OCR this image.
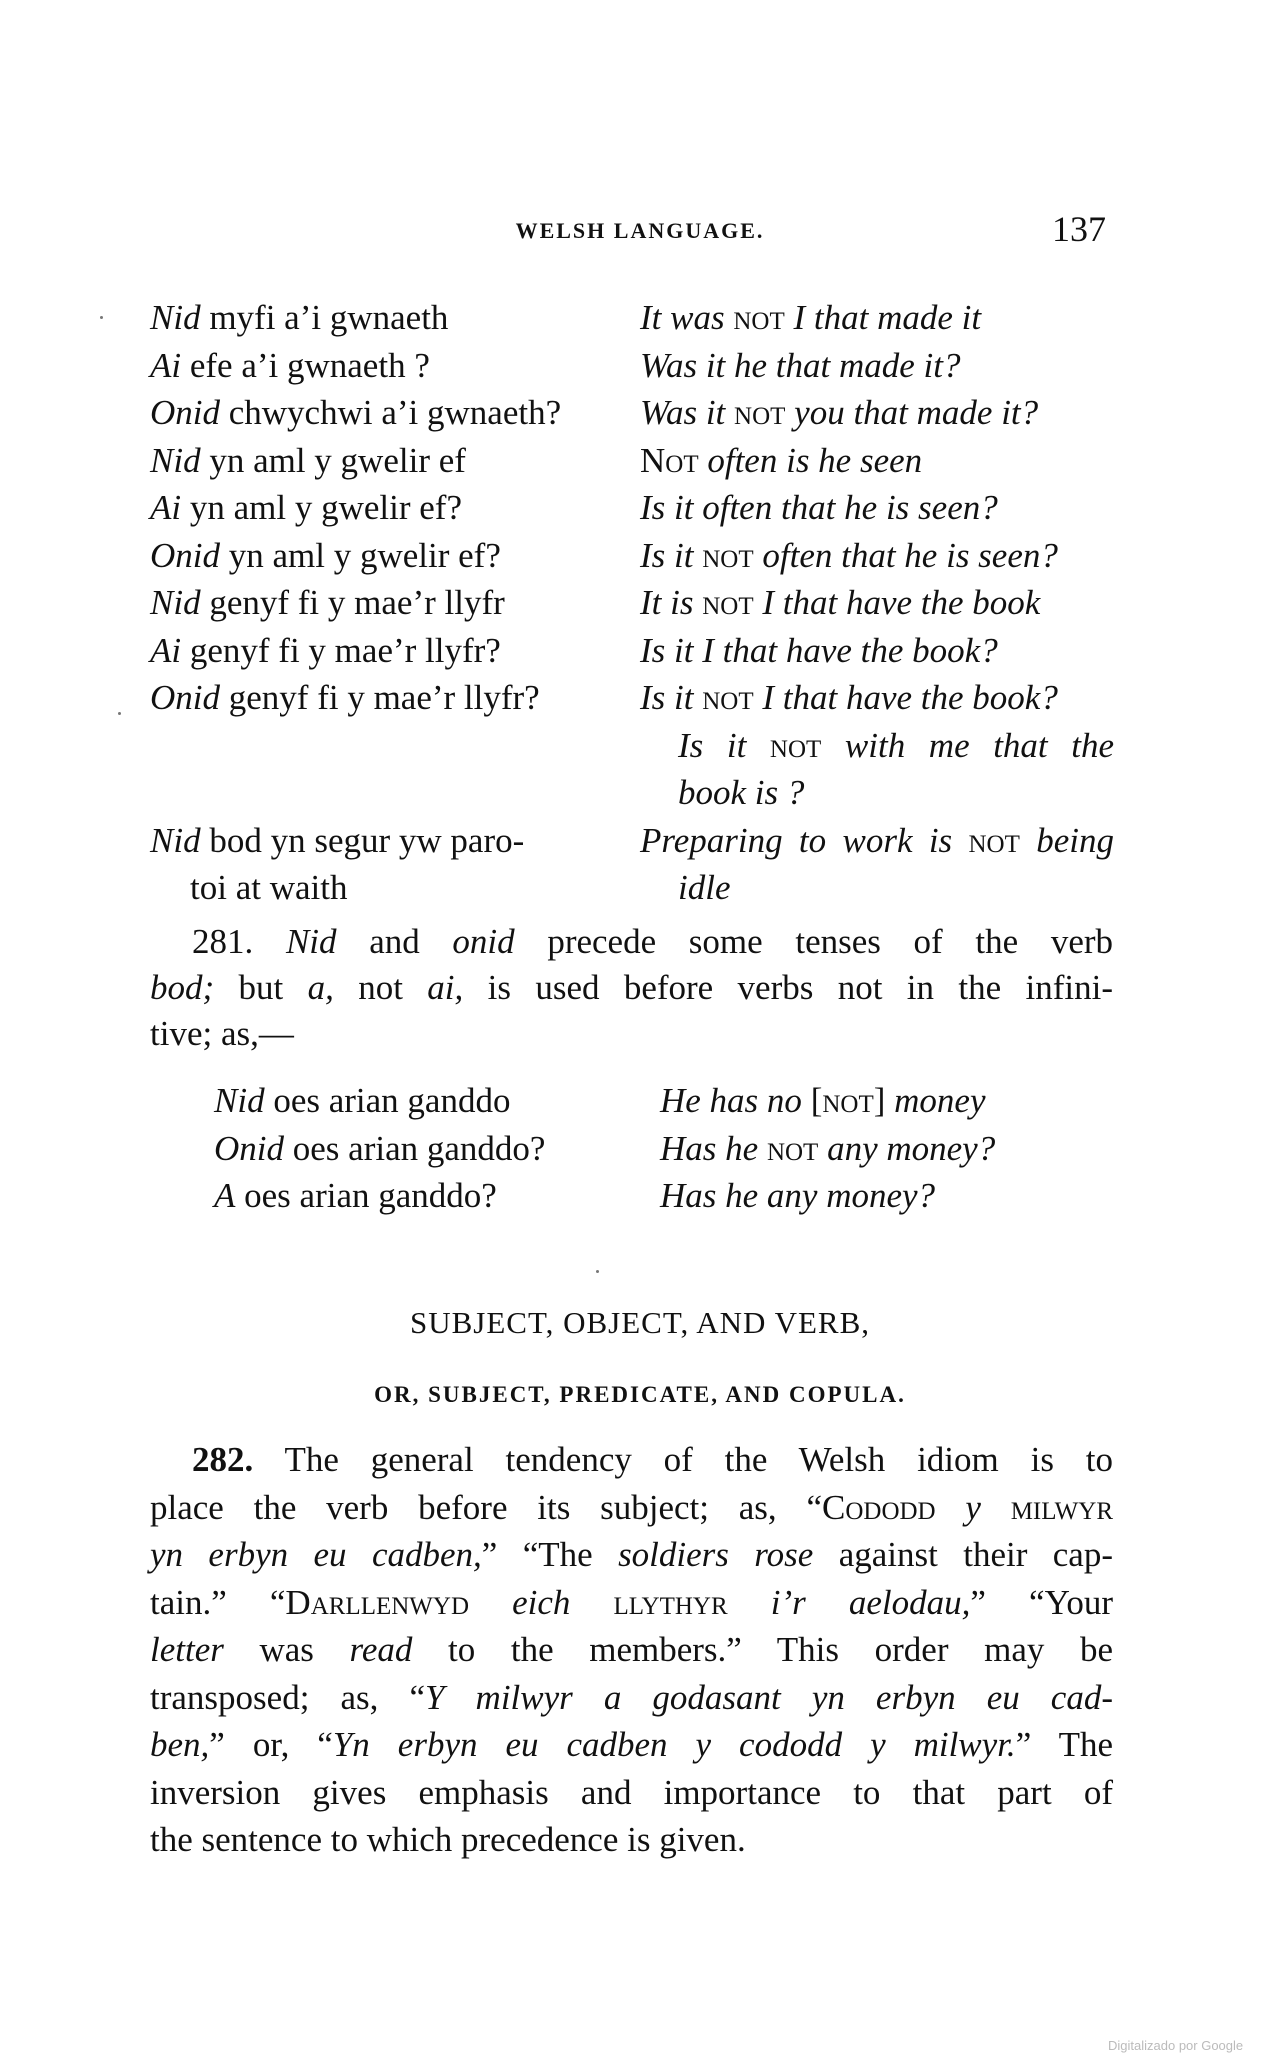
WELSH LANGUAGE.	137
Nid myfi a’i gwnaeth
Ai efe a’i gwnaeth ?
Onid chwychwi a’i gwnaeth?
Nid yn aml y gwelir ef
Ai yn aml y gwelir ef?
Onid yn aml y gwelir ef?
Nid genyf fi y mae’r llyfr
Ai genyf fi y mae’r llyfr?
Onid genyf fi y mae’r llyfr?
Nid bod yn segur yw paro-
toi at waith
It was not I that made it
Was it he that made it?
Was it not you that made it?
Not often is he seen
Is it often that he is seen?
Is it not often that he is seen?
It is not I that have the book
Is it I that have the book?
Is it not I that have the book?
Is it not with me that the
book is ?
Preparing to work is not being
idle
281. Nid and onid precede some tenses of the verb
bod; but a, not ai, is used before verbs not in the infini-
tive; as,—
Nid oes arian ganddo
Onid oes arian ganddo?
A oes arian ganddo?
He has no [not] money
Has he not any money?
Has he any money?
SUBJECT, OBJECT, AND VERB,
OR, SUBJECT, PREDICATE, AND COPULA.
282. The general tendency of the Welsh idiom is to
place the verb before its subject; as, “Cododd y milwyr
yn erbyn eu cadben,” “The soldiers rose against their cap-
tain.” “Darllenwyd eich llythyr i’r aelodau,” “Your
letter was read to the members.” This order may be
transposed; as, “Y milwyr a godasant yn erbyn eu cad-
ben,” or, “Yn erbyn eu cadben y cododd y milwyr.” The
inversion gives emphasis and importance to that part of
the sentence to which precedence is given.
Digitalizado por Google
